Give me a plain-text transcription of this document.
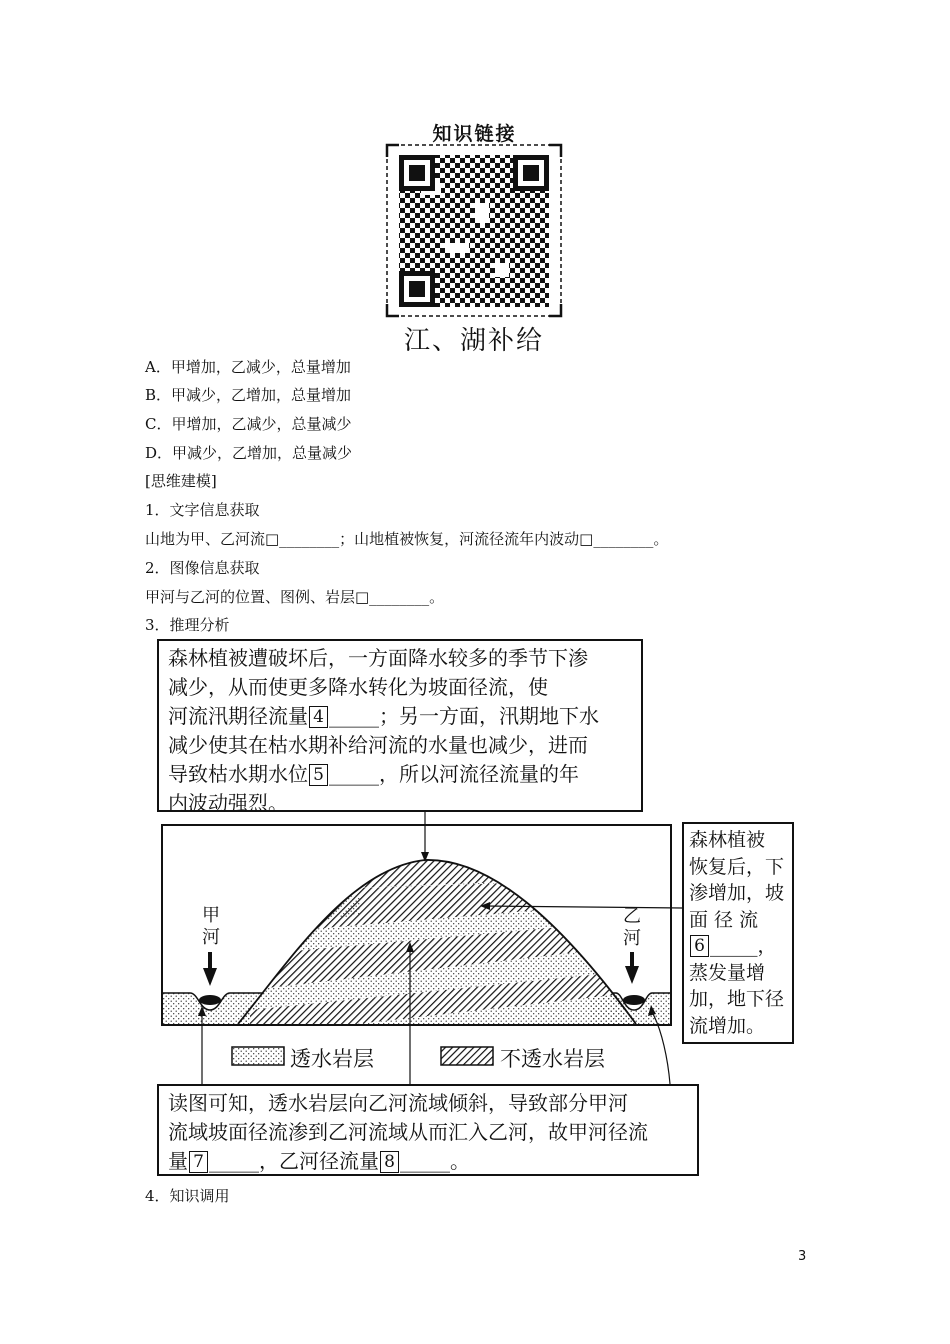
知识链接
江、湖补给
A．甲增加，乙减少，总量增加
B．甲减少，乙增加，总量增加
C．甲增加，乙减少，总量减少
D．甲减少，乙增加，总量减少
[思维建模]
1．文字信息获取
山地为甲、乙河流□________；山地植被恢复，河流径流年内波动□________。
2．图像信息获取
甲河与乙河的位置、图例、岩层□________。
3．推理分析
甲
河
乙
河
透水岩层	不透水岩层
森林植被遭破坏后，一方面降水较多的季节下渗
减少，从而使更多降水转化为坡面径流，使
河流汛期径流量 4 _____；另一方面，汛期地下水
减少使其在枯水期补给河流的水量也减少，进而
导致枯水期水位 5 _____，所以河流径流量的年
内波动强烈。
森林植被
恢复后，下
渗增加，坡
面 径 流
6 _____，
蒸发量增
加，地下径
流增加。
读图可知，透水岩层向乙河流域倾斜，导致部分甲河
流域坡面径流渗到乙河流域从而汇入乙河，故甲河径流
量 7 _____，乙河径流量 8 _____。
4．知识调用
3
